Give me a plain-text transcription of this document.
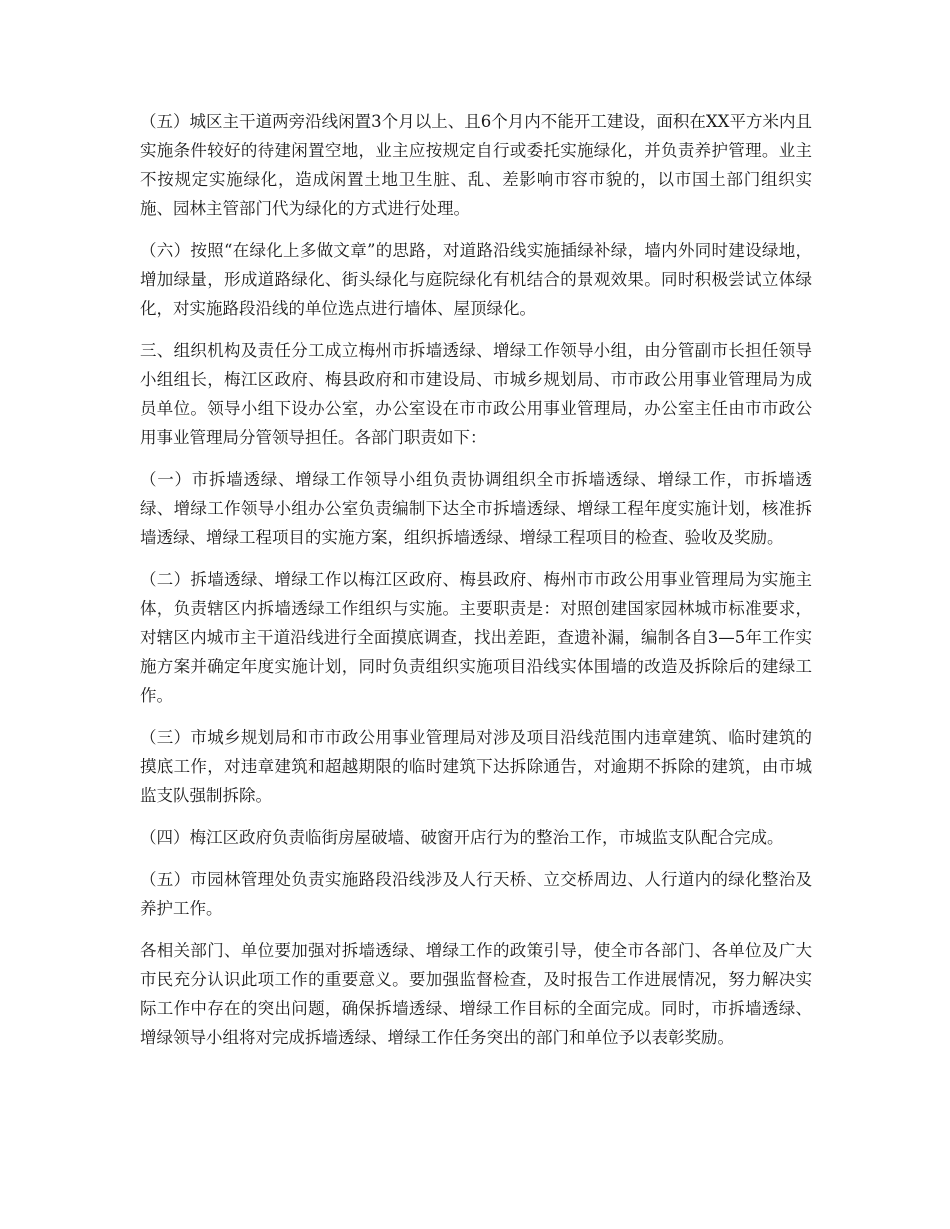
（五）城区主干道两旁沿线闲置3个月以上、且6个月内不能开工建设，面积在XX平方米内且实施条件较好的待建闲置空地，业主应按规定自行或委托实施绿化，并负责养护管理。业主不按规定实施绿化，造成闲置土地卫生脏、乱、差影响市容市貌的，以市国土部门组织实施、园林主管部门代为绿化的方式进行处理。

（六）按照“在绿化上多做文章”的思路，对道路沿线实施插绿补绿，墙内外同时建设绿地，增加绿量，形成道路绿化、街头绿化与庭院绿化有机结合的景观效果。同时积极尝试立体绿化，对实施路段沿线的单位选点进行墙体、屋顶绿化。

三、组织机构及责任分工成立梅州市拆墙透绿、增绿工作领导小组，由分管副市长担任领导小组组长，梅江区政府、梅县政府和市建设局、市城乡规划局、市市政公用事业管理局为成员单位。领导小组下设办公室，办公室设在市市政公用事业管理局，办公室主任由市市政公用事业管理局分管领导担任。各部门职责如下：

（一）市拆墙透绿、增绿工作领导小组负责协调组织全市拆墙透绿、增绿工作，市拆墙透绿、增绿工作领导小组办公室负责编制下达全市拆墙透绿、增绿工程年度实施计划，核准拆墙透绿、增绿工程项目的实施方案，组织拆墙透绿、增绿工程项目的检查、验收及奖励。

（二）拆墙透绿、增绿工作以梅江区政府、梅县政府、梅州市市政公用事业管理局为实施主体，负责辖区内拆墙透绿工作组织与实施。主要职责是：对照创建国家园林城市标准要求，对辖区内城市主干道沿线进行全面摸底调查，找出差距，查遗补漏，编制各自3—5年工作实施方案并确定年度实施计划，同时负责组织实施项目沿线实体围墙的改造及拆除后的建绿工作。

（三）市城乡规划局和市市政公用事业管理局对涉及项目沿线范围内违章建筑、临时建筑的摸底工作，对违章建筑和超越期限的临时建筑下达拆除通告，对逾期不拆除的建筑，由市城监支队强制拆除。

（四）梅江区政府负责临街房屋破墙、破窗开店行为的整治工作，市城监支队配合完成。

（五）市园林管理处负责实施路段沿线涉及人行天桥、立交桥周边、人行道内的绿化整治及养护工作。

各相关部门、单位要加强对拆墙透绿、增绿工作的政策引导，使全市各部门、各单位及广大市民充分认识此项工作的重要意义。要加强监督检查，及时报告工作进展情况，努力解决实际工作中存在的突出问题，确保拆墙透绿、增绿工作目标的全面完成。同时，市拆墙透绿、增绿领导小组将对完成拆墙透绿、增绿工作任务突出的部门和单位予以表彰奖励。
